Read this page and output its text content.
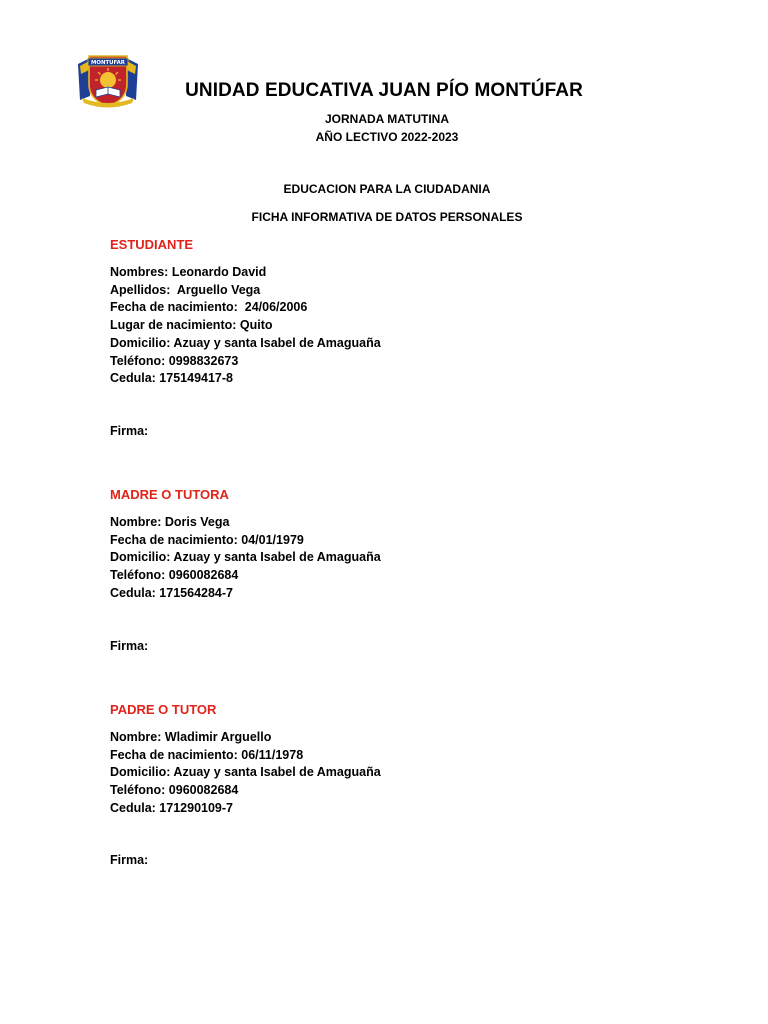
MONTUFAR
UNIDAD EDUCATIVA JUAN PÍO MONTÚFAR
JORNADA MATUTINA
AÑO LECTIVO 2022-2023
EDUCACION PARA LA CIUDADANIA
FICHA INFORMATIVA DE DATOS PERSONALES
ESTUDIANTE
Nombres: Leonardo David
Apellidos:  Arguello Vega
Fecha de nacimiento:  24/06/2006
Lugar de nacimiento: Quito
Domicilio: Azuay y santa Isabel de Amaguaña
Teléfono: 0998832673
Cedula: 175149417-8
Firma:
MADRE O TUTORA
Nombre: Doris Vega
Fecha de nacimiento: 04/01/1979
Domicilio: Azuay y santa Isabel de Amaguaña
Teléfono: 0960082684
Cedula: 171564284-7
Firma:
PADRE O TUTOR
Nombre: Wladimir Arguello
Fecha de nacimiento: 06/11/1978
Domicilio: Azuay y santa Isabel de Amaguaña
Teléfono: 0960082684
Cedula: 171290109-7
Firma:
